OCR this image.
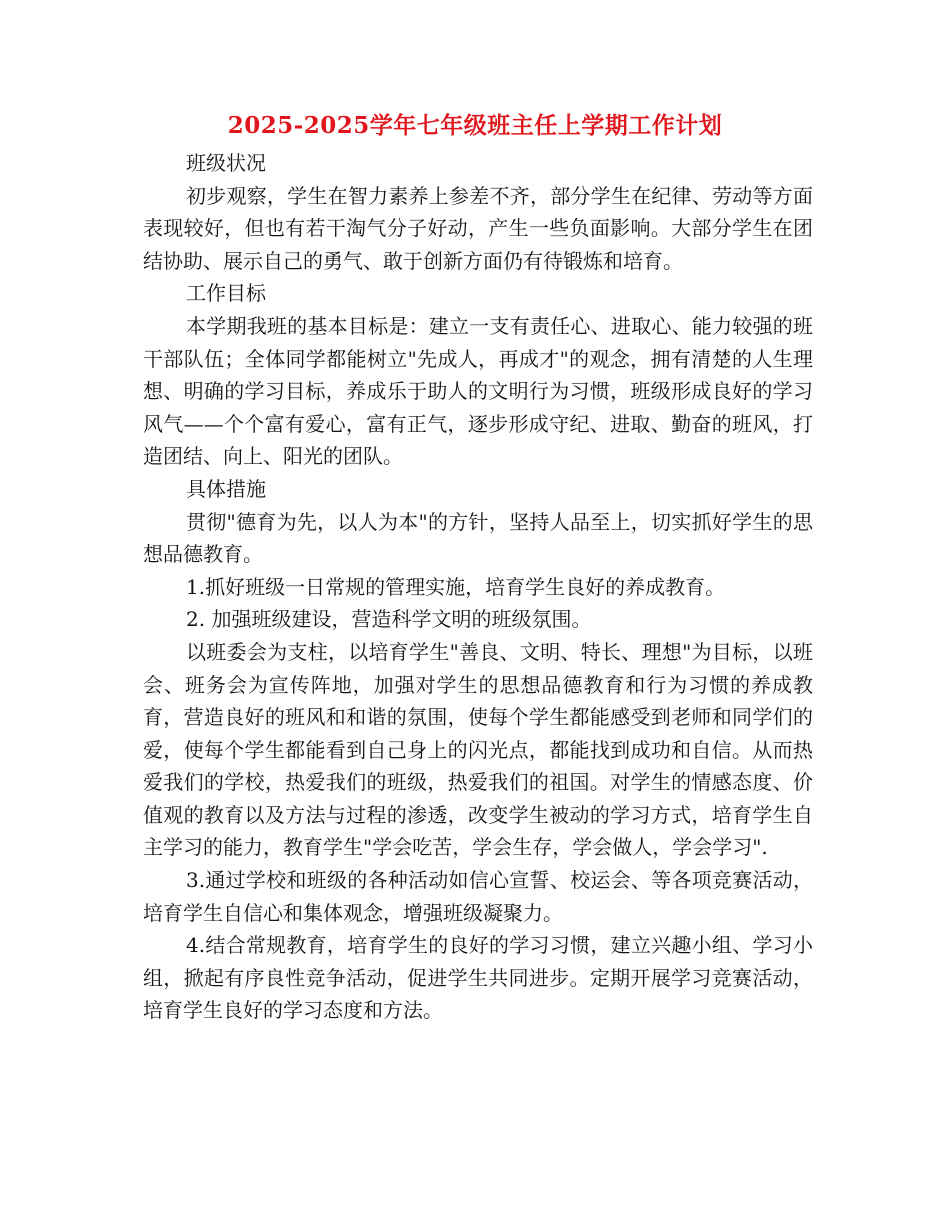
2025-2025学年七年级班主任上学期工作计划

班级状况

初步观察，学生在智力素养上参差不齐，部分学生在纪律、劳动等方面表现较好，但也有若干淘气分子好动，产生一些负面影响。大部分学生在团结协助、展示自己的勇气、敢于创新方面仍有待锻炼和培育。

工作目标

本学期我班的基本目标是：建立一支有责任心、进取心、能力较强的班干部队伍；全体同学都能树立"先成人，再成才"的观念，拥有清楚的人生理想、明确的学习目标，养成乐于助人的文明行为习惯，班级形成良好的学习风气——个个富有爱心，富有正气，逐步形成守纪、进取、勤奋的班风，打造团结、向上、阳光的团队。

具体措施

贯彻"德育为先，以人为本"的方针，坚持人品至上，切实抓好学生的思想品德教育。

1.抓好班级一日常规的管理实施，培育学生良好的养成教育。

2. 加强班级建设，营造科学文明的班级氛围。

以班委会为支柱，以培育学生"善良、文明、特长、理想"为目标，以班会、班务会为宣传阵地，加强对学生的思想品德教育和行为习惯的养成教育，营造良好的班风和和谐的氛围，使每个学生都能感受到老师和同学们的爱，使每个学生都能看到自己身上的闪光点，都能找到成功和自信。从而热爱我们的学校，热爱我们的班级，热爱我们的祖国。对学生的情感态度、价值观的教育以及方法与过程的渗透，改变学生被动的学习方式，培育学生自主学习的能力，教育学生"学会吃苦，学会生存，学会做人，学会学习".

3.通过学校和班级的各种活动如信心宣誓、校运会、等各项竞赛活动，培育学生自信心和集体观念，增强班级凝聚力。

4.结合常规教育，培育学生的良好的学习习惯，建立兴趣小组、学习小组，掀起有序良性竞争活动，促进学生共同进步。定期开展学习竞赛活动，培育学生良好的学习态度和方法。
